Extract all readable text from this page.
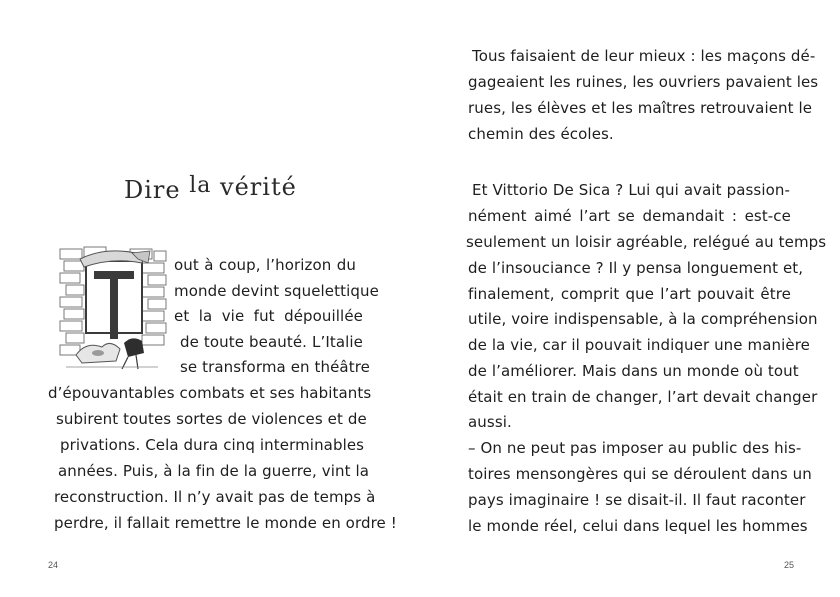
Dire la vérité
out à coup, l’horizon du
monde devint squelettique
et la vie fut dépouillée
de toute beauté. L’Italie
se transforma en théâtre
d’épouvantables combats et ses habitants
subirent toutes sortes de violences et de
privations. Cela dura cinq interminables
années. Puis, à la fin de la guerre, vint la
reconstruction. Il n’y avait pas de temps à
perdre, il fallait remettre le monde en ordre !
24
Tous faisaient de leur mieux : les maçons dé-
gageaient les ruines, les ouvriers pavaient les
rues, les élèves et les maîtres retrouvaient le
chemin des écoles.
Et Vittorio De Sica ? Lui qui avait passion-
nément aimé l’art se demandait : est-ce
seulement un loisir agréable, relégué au temps
de l’insouciance ? Il y pensa longuement et,
finalement, comprit que l’art pouvait être
utile, voire indispensable, à la compréhension
de la vie, car il pouvait indiquer une manière
de l’améliorer. Mais dans un monde où tout
était en train de changer, l’art devait changer
aussi.
– On ne peut pas imposer au public des his-
toires mensongères qui se déroulent dans un
pays imaginaire ! se disait-il. Il faut raconter
le monde réel, celui dans lequel les hommes
25
